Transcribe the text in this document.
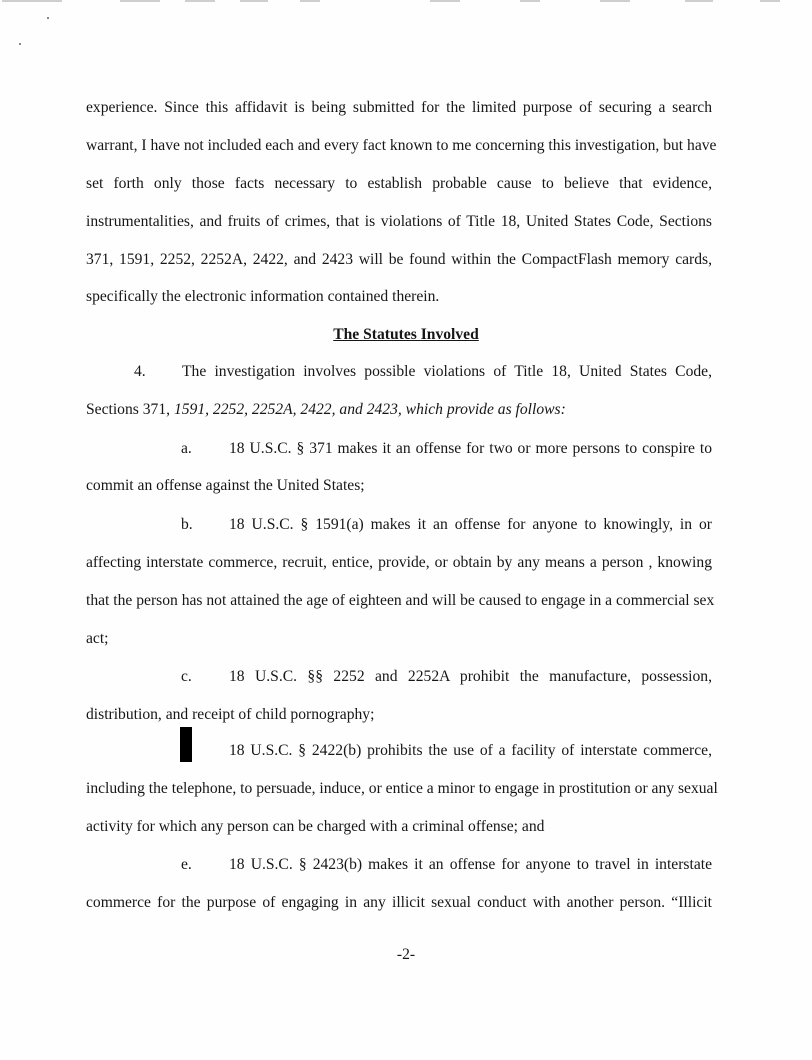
experience. Since this affidavit is being submitted for the limited purpose of securing a search
warrant, I have not included each and every fact known to me concerning this investigation, but have
set forth only those facts necessary to establish probable cause to believe that evidence,
instrumentalities, and fruits of crimes, that is violations of Title 18, United States Code, Sections
371, 1591, 2252, 2252A, 2422, and 2423 will be found within the CompactFlash memory cards,
specifically the electronic information contained therein.
The Statutes Involved
4. The investigation involves possible violations of Title 18, United States Code,
Sections 371, 1591, 2252, 2252A, 2422, and 2423, which provide as follows:
a. 18 U.S.C. § 371 makes it an offense for two or more persons to conspire to
commit an offense against the United States;
b. 18 U.S.C. § 1591(a) makes it an offense for anyone to knowingly, in or
affecting interstate commerce, recruit, entice, provide, or obtain by any means a person , knowing
that the person has not attained the age of eighteen and will be caused to engage in a commercial sex
act;
c. 18 U.S.C. §§ 2252 and 2252A prohibit the manufacture, possession,
distribution, and receipt of child pornography;
18 U.S.C. § 2422(b) prohibits the use of a facility of interstate commerce,
including the telephone, to persuade, induce, or entice a minor to engage in prostitution or any sexual
activity for which any person can be charged with a criminal offense; and
e. 18 U.S.C. § 2423(b) makes it an offense for anyone to travel in interstate
commerce for the purpose of engaging in any illicit sexual conduct with another person. “Illicit
-2-
